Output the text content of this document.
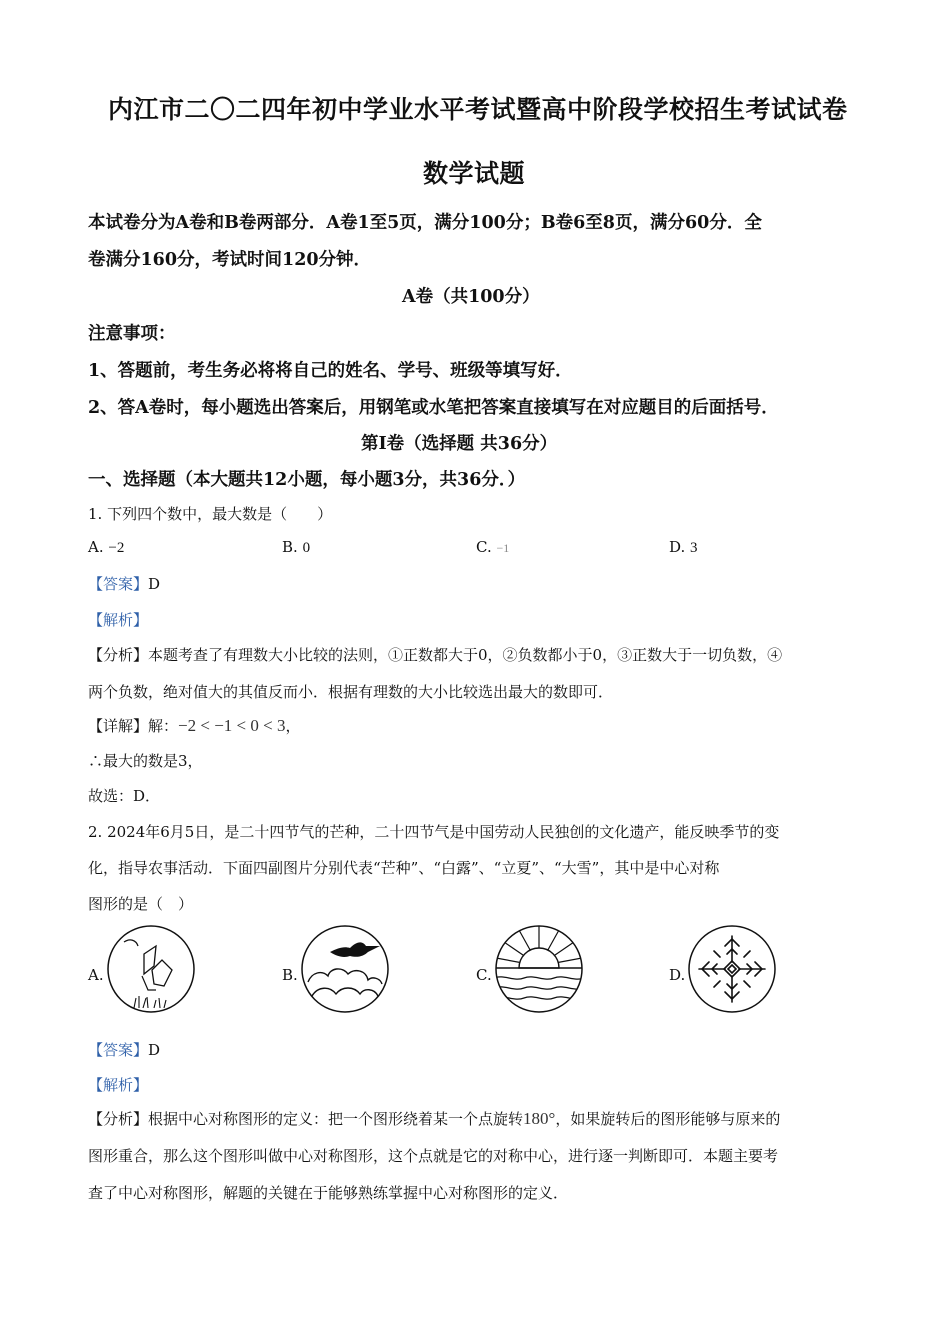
内江市二〇二四年初中学业水平考试暨高中阶段学校招生考试试卷
数学试题
本试卷分为A卷和B卷两部分．A卷1至5页，满分100分；B卷6至8页，满分60分．全
卷满分160分，考试时间120分钟．
A卷（共100分）
注意事项：
1、答题前，考生务必将将自己的姓名、学号、班级等填写好．
2、答A卷时，每小题选出答案后，用钢笔或水笔把答案直接填写在对应题目的后面括号．
第Ⅰ卷（选择题 共36分）
一、选择题（本大题共12小题，每小题3分，共36分．）
1. 下列四个数中，最大数是（　　）
A. −2	B. 0	C. −1	D. 3
【答案】D
【解析】
【分析】本题考查了有理数大小比较的法则，①正数都大于0，②负数都小于0，③正数大于一切负数，④
两个负数，绝对值大的其值反而小．根据有理数的大小比较选出最大的数即可．
【详解】解：−2 < −1 < 0 < 3，
∴最大的数是3，
故选：D．
2. 2024年6月5日，是二十四节气的芒种，二十四节气是中国劳动人民独创的文化遗产，能反映季节的变
化，指导农事活动．下面四副图片分别代表“芒种”、“白露”、“立夏”、“大雪”，其中是中心对称
图形的是（　）
A.	B.	C.	D.
【答案】D
【解析】
【分析】根据中心对称图形的定义：把一个图形绕着某一个点旋转180°，如果旋转后的图形能够与原来的
图形重合，那么这个图形叫做中心对称图形，这个点就是它的对称中心，进行逐一判断即可．本题主要考
查了中心对称图形，解题的关键在于能够熟练掌握中心对称图形的定义．
